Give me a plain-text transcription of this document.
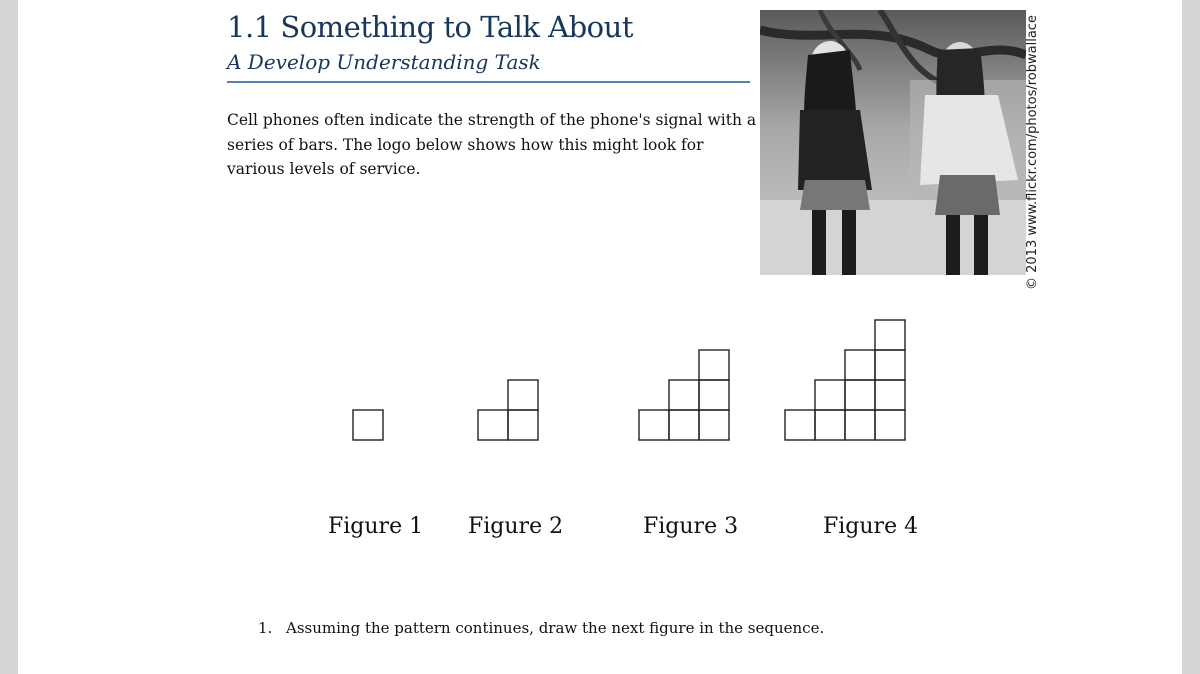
1.1 Something to Talk About
A Develop Understanding Task
Cell phones often indicate the strength of the phone's signal with a
series of bars. The logo below shows how this might look for
various levels of service.	© 2013 www.flickr.com/photos/robwallace
Figure 1 Figure 2	Figure 3	Figure 4
1. Assuming the pattern continues, draw the next figure in the sequence.
